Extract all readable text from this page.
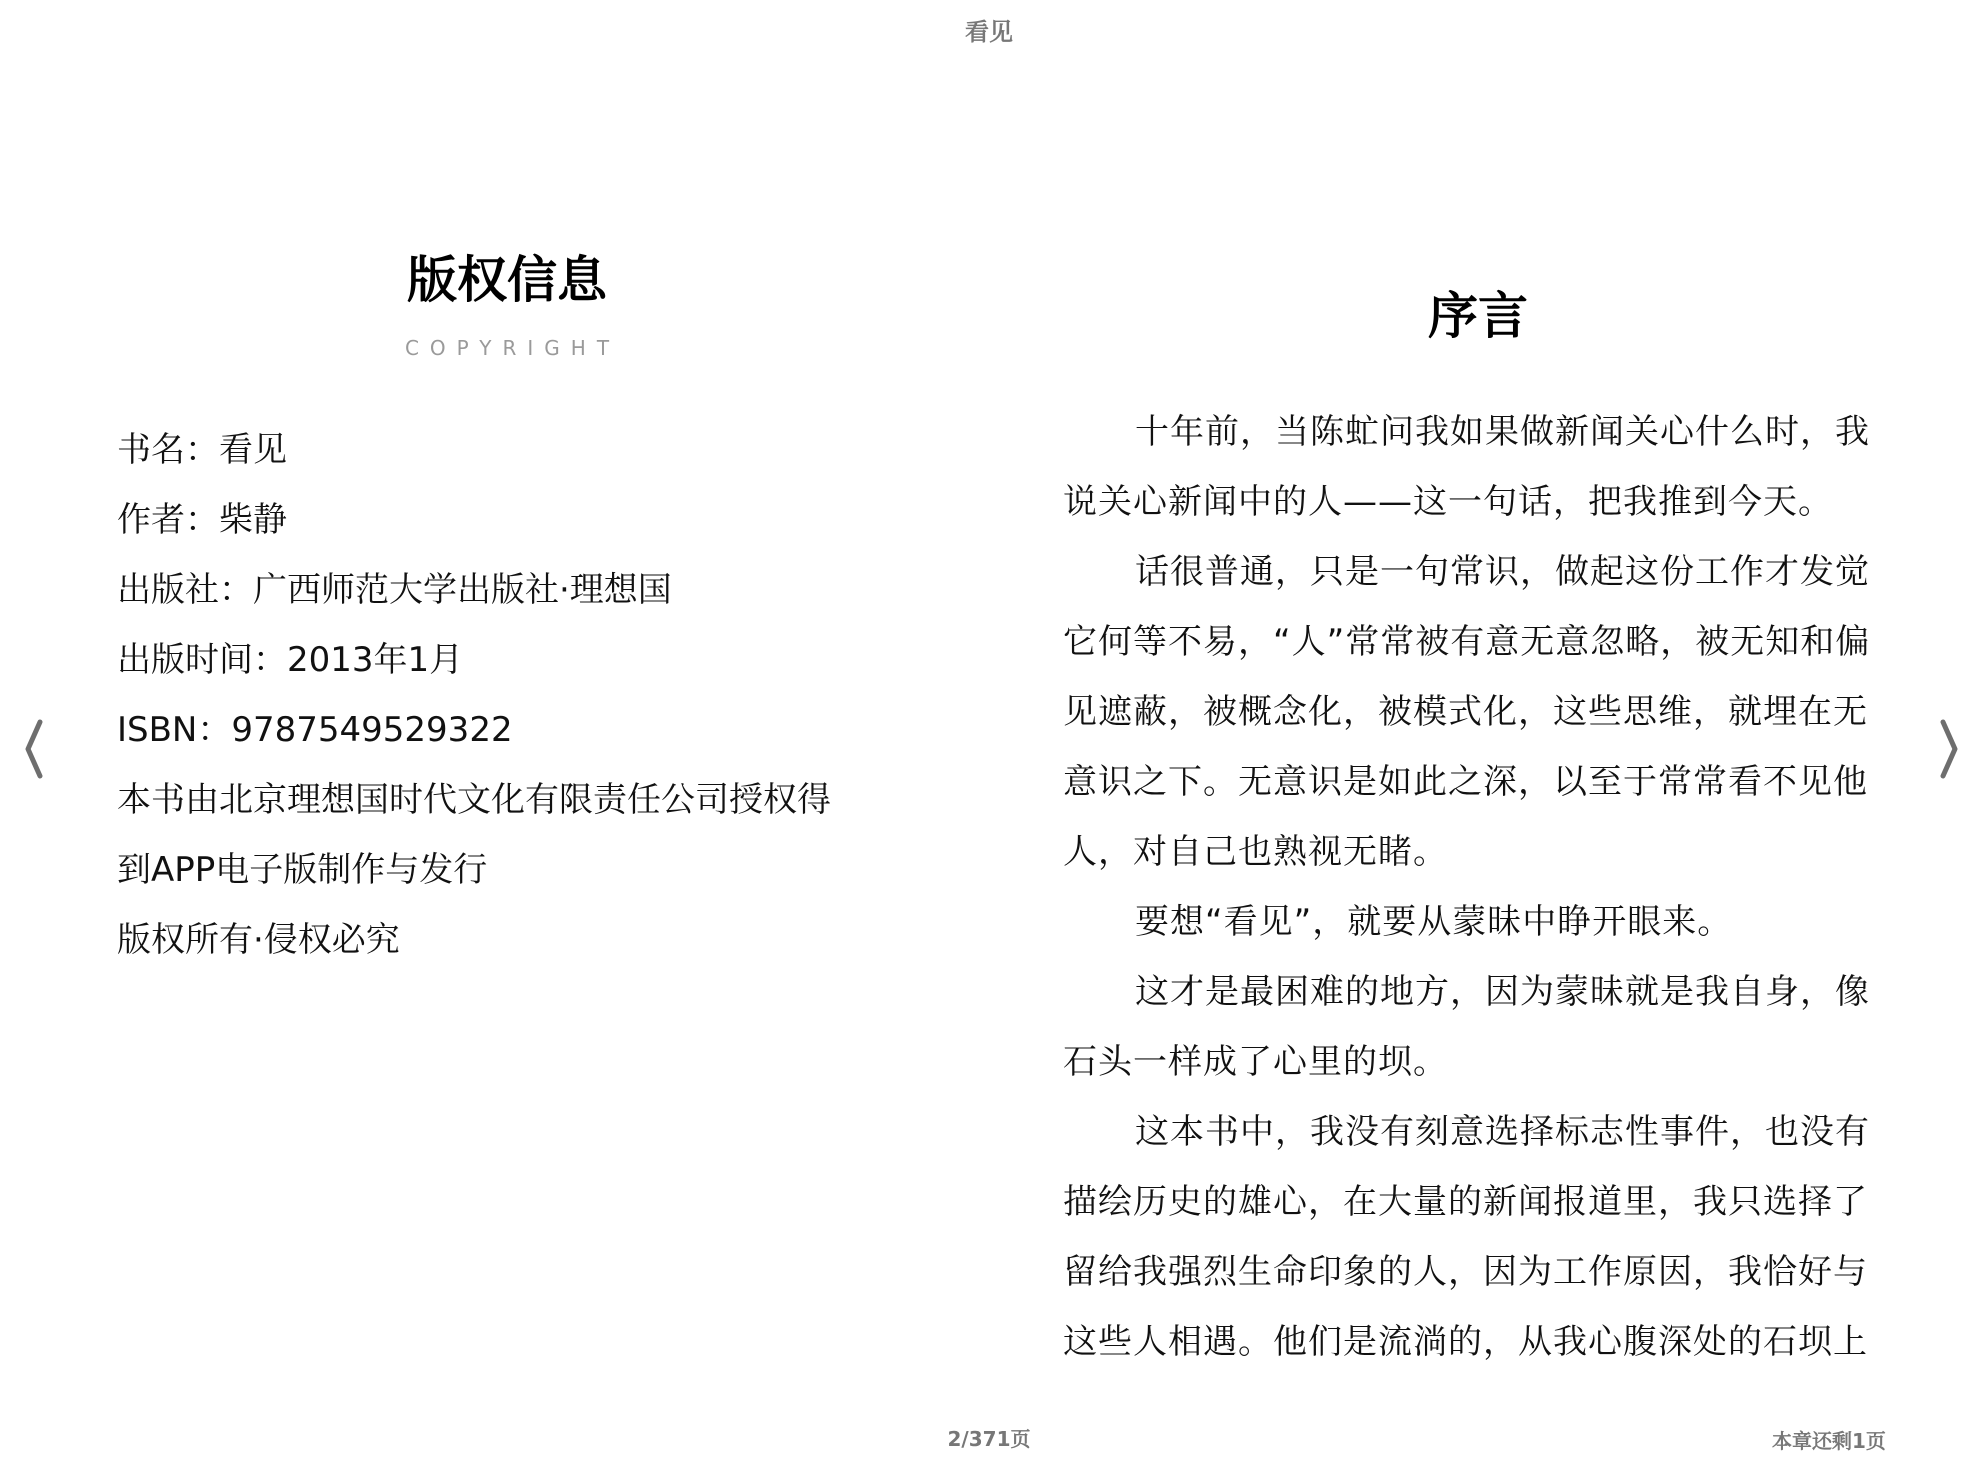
看见
版权信息
COPYRIGHT
书名：看见
作者：柴静
出版社：广西师范大学出版社·理想国
出版时间：2013年1月
ISBN：9787549529322
本书由北京理想国时代文化有限责任公司授权得
到APP电子版制作与发行
版权所有·侵权必究
序言
十年前，当陈虻问我如果做新闻关心什么时，我
说关心新闻中的人——这一句话，把我推到今天。
话很普通，只是一句常识，做起这份工作才发觉
它何等不易，“人”常常被有意无意忽略，被无知和偏
见遮蔽，被概念化，被模式化，这些思维，就埋在无
意识之下。无意识是如此之深，以至于常常看不见他
人，对自己也熟视无睹。
要想“看见”，就要从蒙昧中睁开眼来。
这才是最困难的地方，因为蒙昧就是我自身，像
石头一样成了心里的坝。
这本书中，我没有刻意选择标志性事件，也没有
描绘历史的雄心，在大量的新闻报道里，我只选择了
留给我强烈生命印象的人，因为工作原因，我恰好与
这些人相遇。他们是流淌的，从我心腹深处的石坝上
2/371页	本章还剩1页
